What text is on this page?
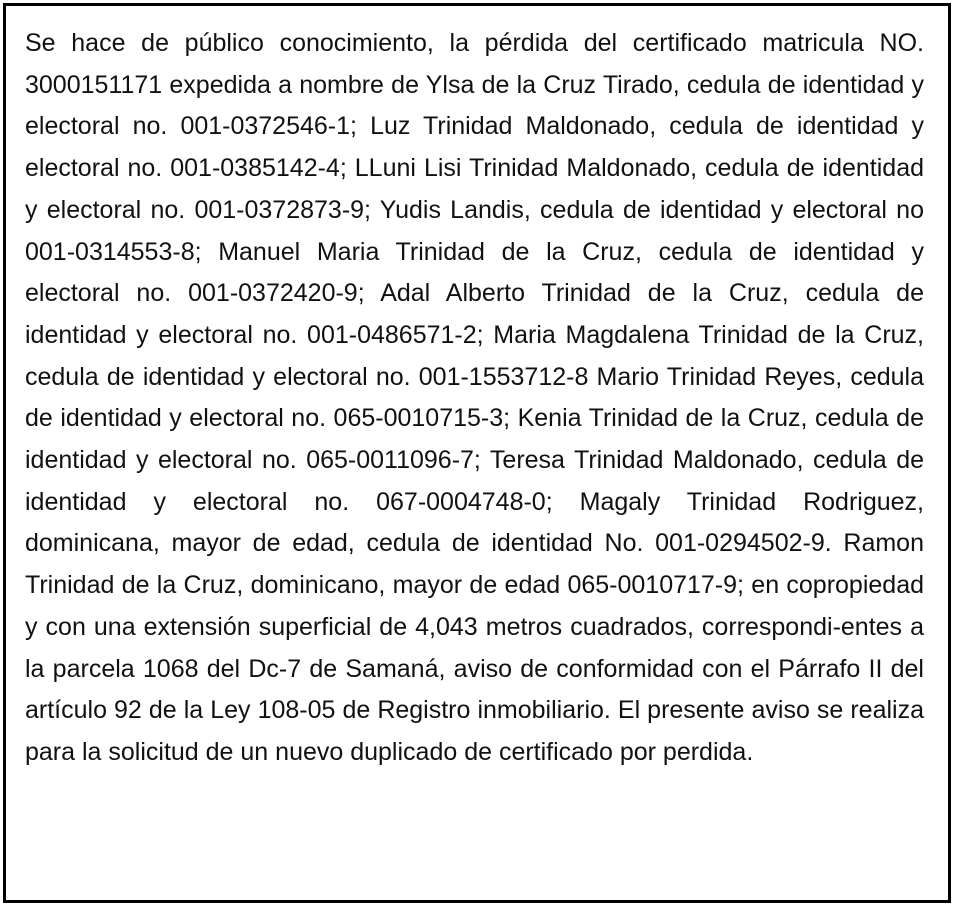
Se hace de público conocimiento, la pérdida del certificado matricula NO. 3000151171 expedida a nombre de Ylsa de la Cruz Tirado, cedula de identidad y electoral no. 001-0372546-1; Luz Trinidad Maldonado, cedula de identidad y electoral no. 001-0385142-4; LLuni Lisi Trinidad Maldonado, cedula de identidad y electoral no. 001-0372873-9; Yudis Landis, cedula de identidad y electoral no 001-0314553-8; Manuel Maria Trinidad de la Cruz, cedula de identidad y electoral no. 001-0372420-9; Adal Alberto Trinidad de la Cruz, cedula de identidad y electoral no. 001-0486571-2; Maria Magdalena Trinidad de la Cruz, cedula de identidad y electoral no. 001-1553712-8 Mario Trinidad Reyes, cedula de identidad y electoral no. 065-0010715-3; Kenia Trinidad de la Cruz, cedula de identidad y electoral no. 065-0011096-7; Teresa Trinidad Maldonado, cedula de identidad y electoral no. 067-0004748-0; Magaly Trinidad Rodriguez, dominicana, mayor de edad, cedula de identidad No. 001-0294502-9. Ramon Trinidad de la Cruz, dominicano, mayor de edad 065-0010717-9; en copropiedad y con una extensión superficial de 4,043 metros cuadrados, correspondi-entes a la parcela 1068 del Dc-7 de Samaná, aviso de conformidad con el Párrafo II del artículo 92 de la Ley 108-05 de Registro inmobiliario. El presente aviso se realiza para la solicitud de un nuevo duplicado de certificado por perdida.
